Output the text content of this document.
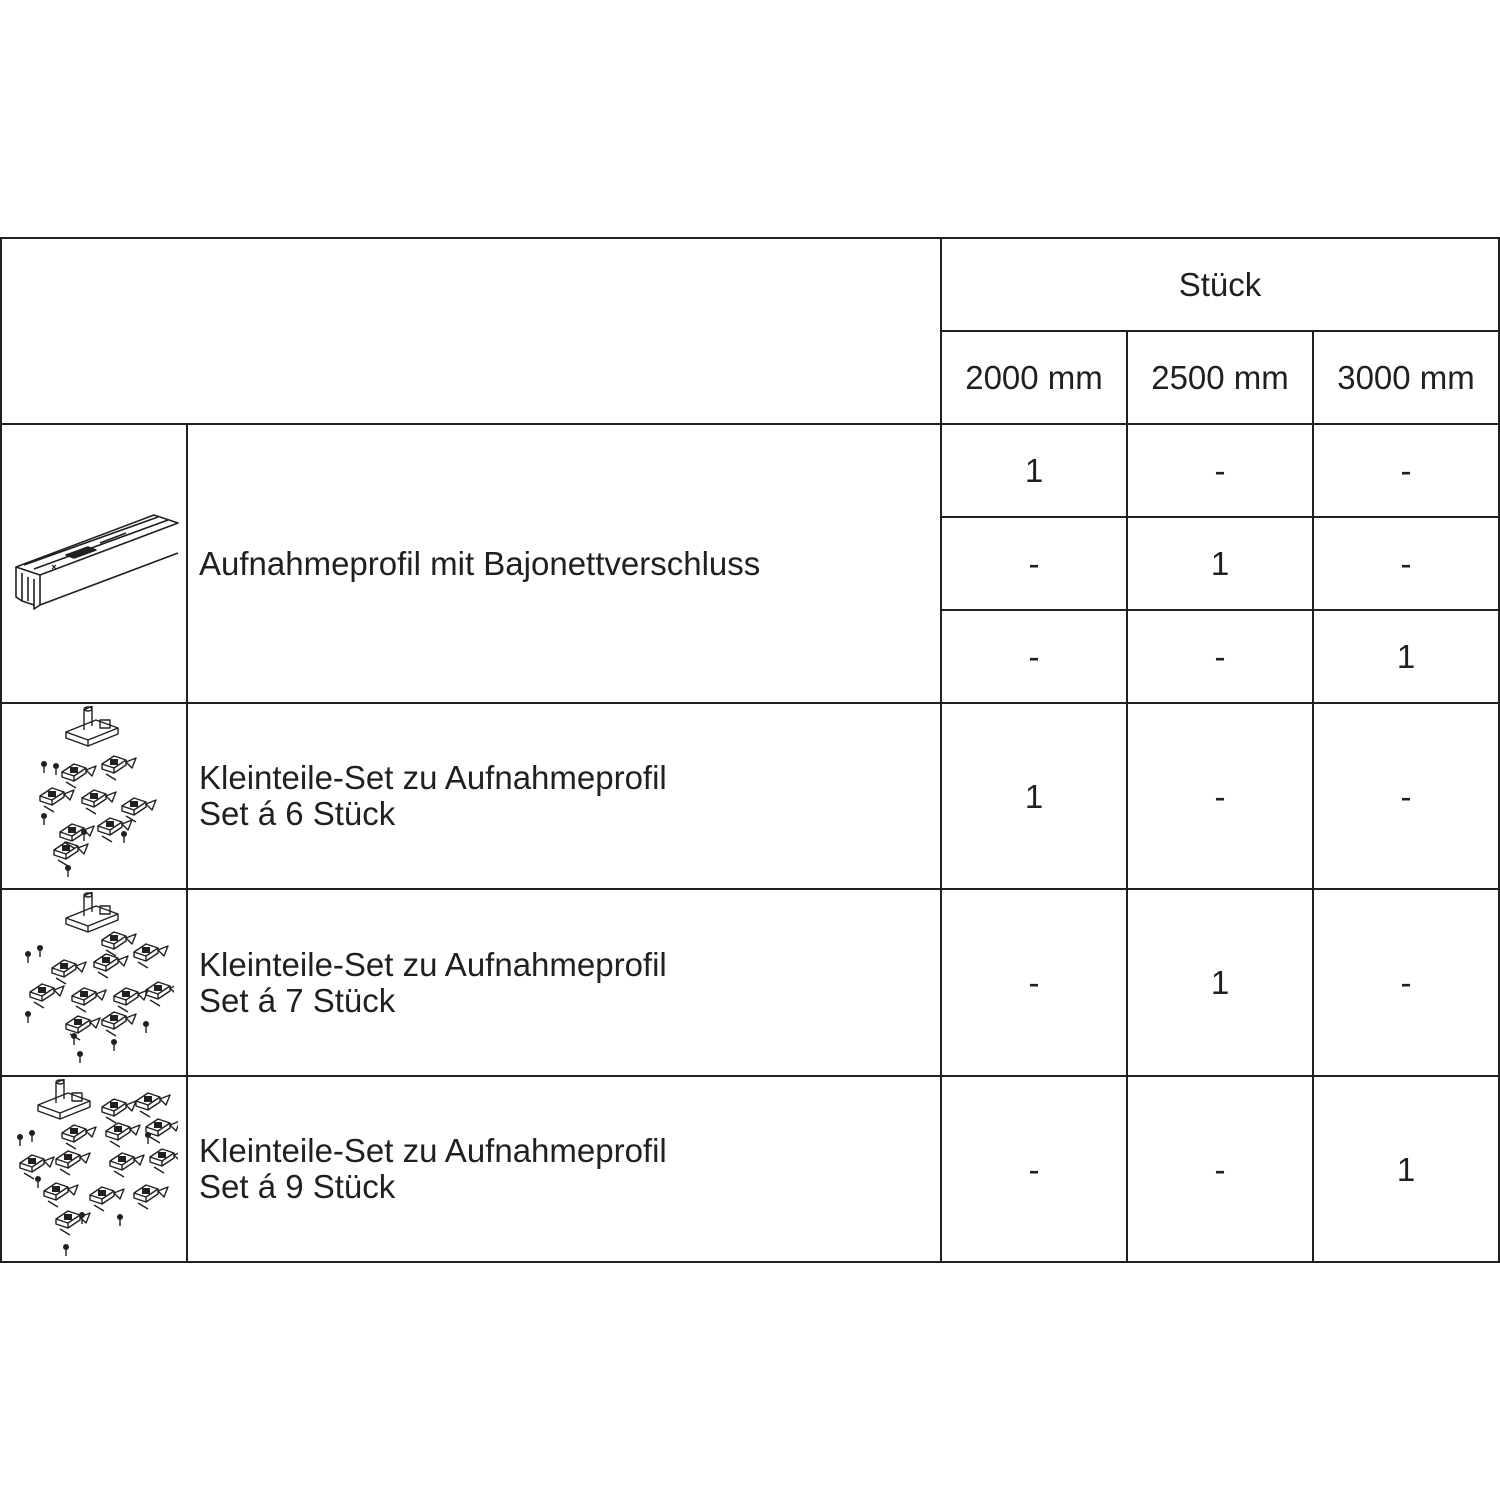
Stück
2000 mm	2500 mm	3000 mm
Aufnahmeprofil mit Bajonettverschluss
1	-	-
-	1	-
-	-	1
Kleinteile-Set zu Aufnahmeprofil
Set á 6 Stück	1	-	-
Kleinteile-Set zu Aufnahmeprofil
Set á 7 Stück	-	1	-
Kleinteile-Set zu Aufnahmeprofil
Set á 9 Stück	-	-	1
